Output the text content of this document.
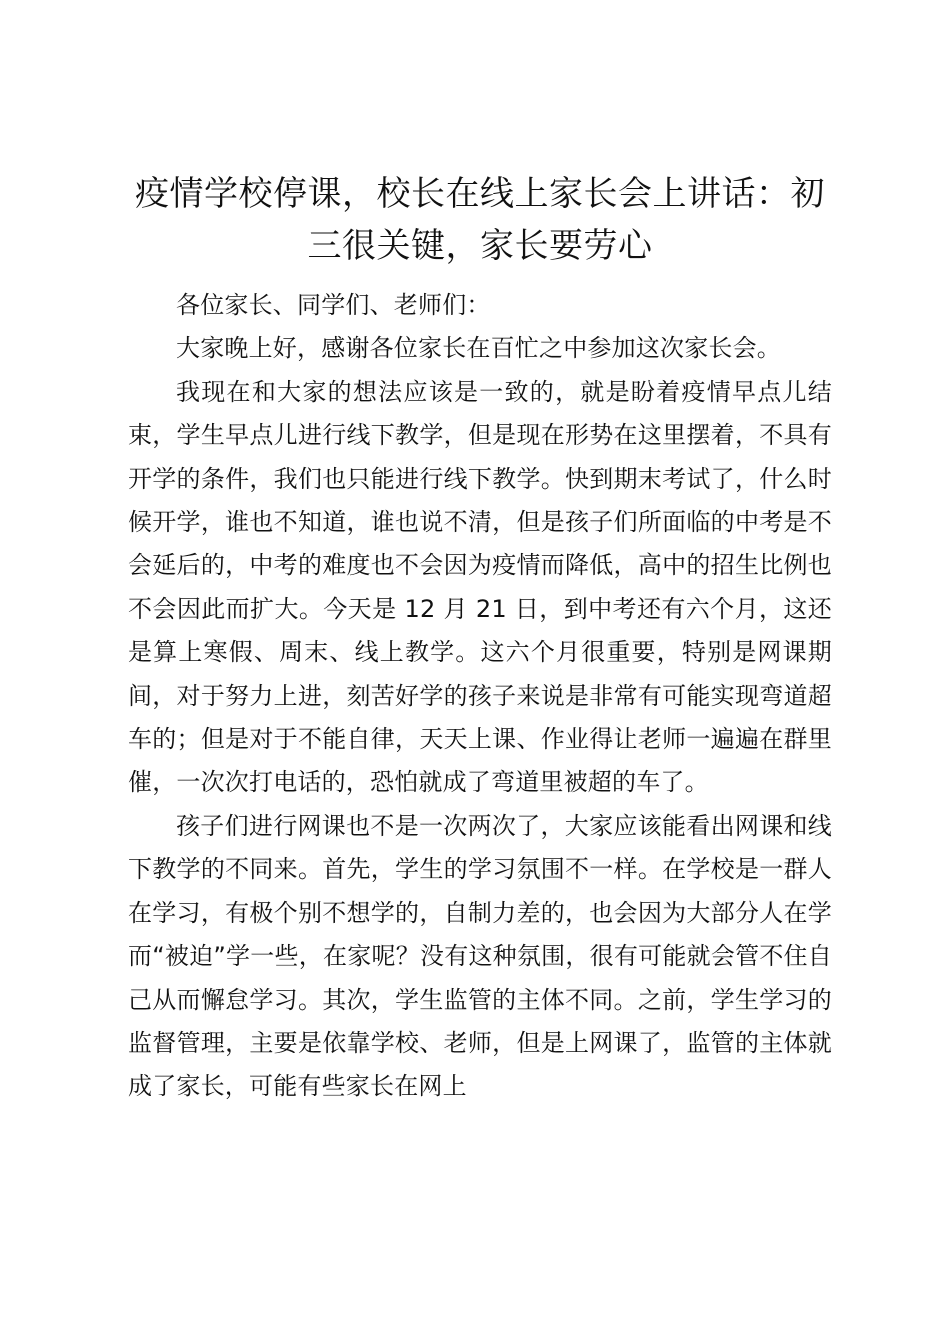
疫情学校停课，校长在线上家长会上讲话：初三很关键，家长要劳心

各位家长、同学们、老师们：

大家晚上好，感谢各位家长在百忙之中参加这次家长会。

我现在和大家的想法应该是一致的，就是盼着疫情早点儿结束，学生早点儿进行线下教学，但是现在形势在这里摆着，不具有开学的条件，我们也只能进行线下教学。快到期末考试了，什么时候开学，谁也不知道，谁也说不清，但是孩子们所面临的中考是不会延后的，中考的难度也不会因为疫情而降低，高中的招生比例也不会因此而扩大。今天是 12 月 21 日，到中考还有六个月，这还是算上寒假、周末、线上教学。这六个月很重要，特别是网课期间，对于努力上进，刻苦好学的孩子来说是非常有可能实现弯道超车的；但是对于不能自律，天天上课、作业得让老师一遍遍在群里催，一次次打电话的，恐怕就成了弯道里被超的车了。

孩子们进行网课也不是一次两次了，大家应该能看出网课和线下教学的不同来。首先，学生的学习氛围不一样。在学校是一群人在学习，有极个别不想学的，自制力差的，也会因为大部分人在学而“被迫”学一些，在家呢？没有这种氛围，很有可能就会管不住自己从而懈怠学习。其次，学生监管的主体不同。之前，学生学习的监督管理，主要是依靠学校、老师，但是上网课了，监管的主体就成了家长，可能有些家长在网上
